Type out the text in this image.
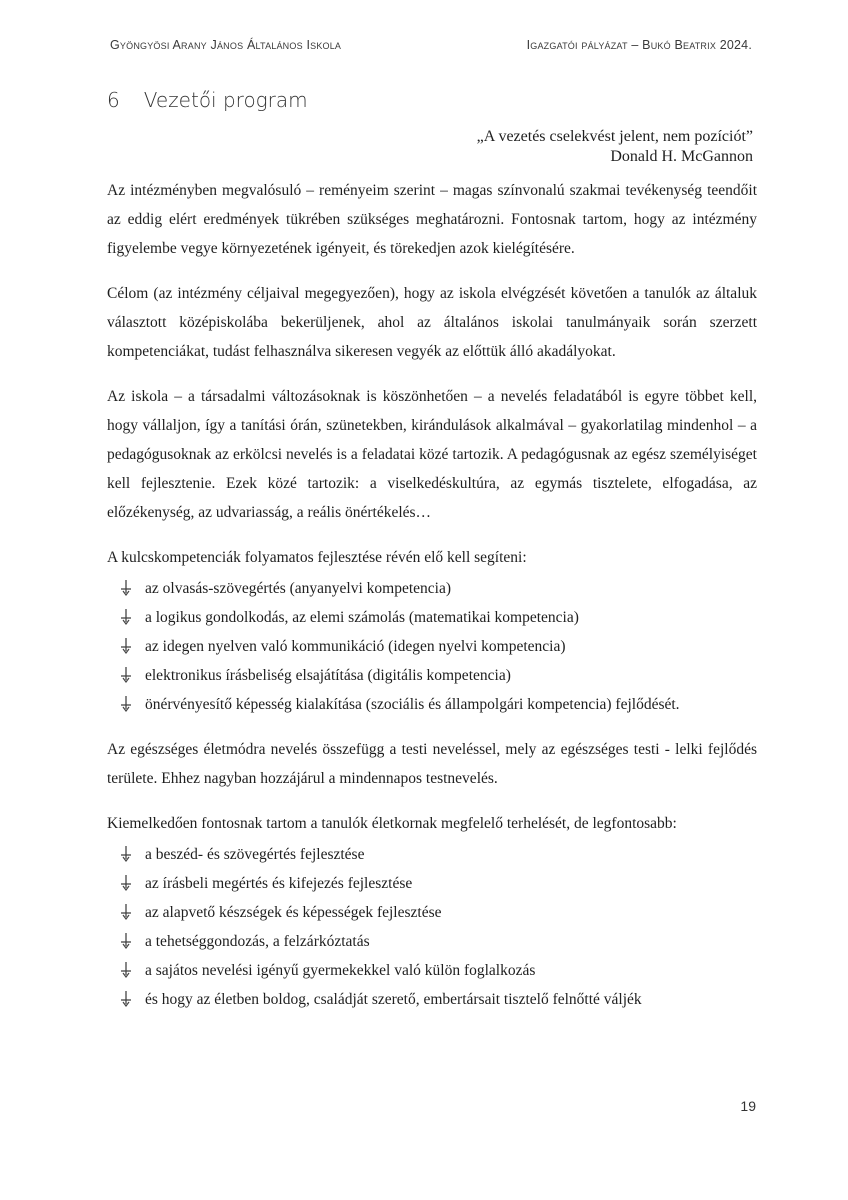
Gyöngyösi Arany János Általános Iskola	Igazgatói pályázat – Bukó Beatrix 2024.
6 Vezetői program
„A vezetés cselekvést jelent, nem pozíciót”
Donald H. McGannon

Az intézményben megvalósuló – reményeim szerint – magas színvonalú szakmai tevékenység teendőit az eddig elért eredmények tükrében szükséges meghatározni. Fontosnak tartom, hogy az intézmény figyelembe vegye környezetének igényeit, és törekedjen azok kielégítésére.

Célom (az intézmény céljaival megegyezően), hogy az iskola elvégzését követően a tanulók az általuk választott középiskolába bekerüljenek, ahol az általános iskolai tanulmányaik során szerzett kompetenciákat, tudást felhasználva sikeresen vegyék az előttük álló akadályokat.

Az iskola – a társadalmi változásoknak is köszönhetően – a nevelés feladatából is egyre többet kell, hogy vállaljon, így a tanítási órán, szünetekben, kirándulások alkalmával – gyakorlatilag mindenhol – a pedagógusoknak az erkölcsi nevelés is a feladatai közé tartozik. A pedagógusnak az egész személyiséget kell fejlesztenie. Ezek közé tartozik: a viselkedéskultúra, az egymás tisztelete, elfogadása, az előzékenység, az udvariasság, a reális önértékelés…

A kulcskompetenciák folyamatos fejlesztése révén elő kell segíteni:

az olvasás-szövegértés (anyanyelvi kompetencia)
a logikus gondolkodás, az elemi számolás (matematikai kompetencia)
az idegen nyelven való kommunikáció (idegen nyelvi kompetencia)
elektronikus írásbeliség elsajátítása (digitális kompetencia)
önérvényesítő képesség kialakítása (szociális és állampolgári kompetencia) fejlődését.

Az egészséges életmódra nevelés összefügg a testi neveléssel, mely az egészséges testi - lelki fejlődés területe. Ehhez nagyban hozzájárul a mindennapos testnevelés.

Kiemelkedően fontosnak tartom a tanulók életkornak megfelelő terhelését, de legfontosabb:

a beszéd- és szövegértés fejlesztése
az írásbeli megértés és kifejezés fejlesztése
az alapvető készségek és képességek fejlesztése
a tehetséggondozás, a felzárkóztatás
a sajátos nevelési igényű gyermekekkel való külön foglalkozás
és hogy az életben boldog, családját szerető, embertársait tisztelő felnőtté váljék
19
